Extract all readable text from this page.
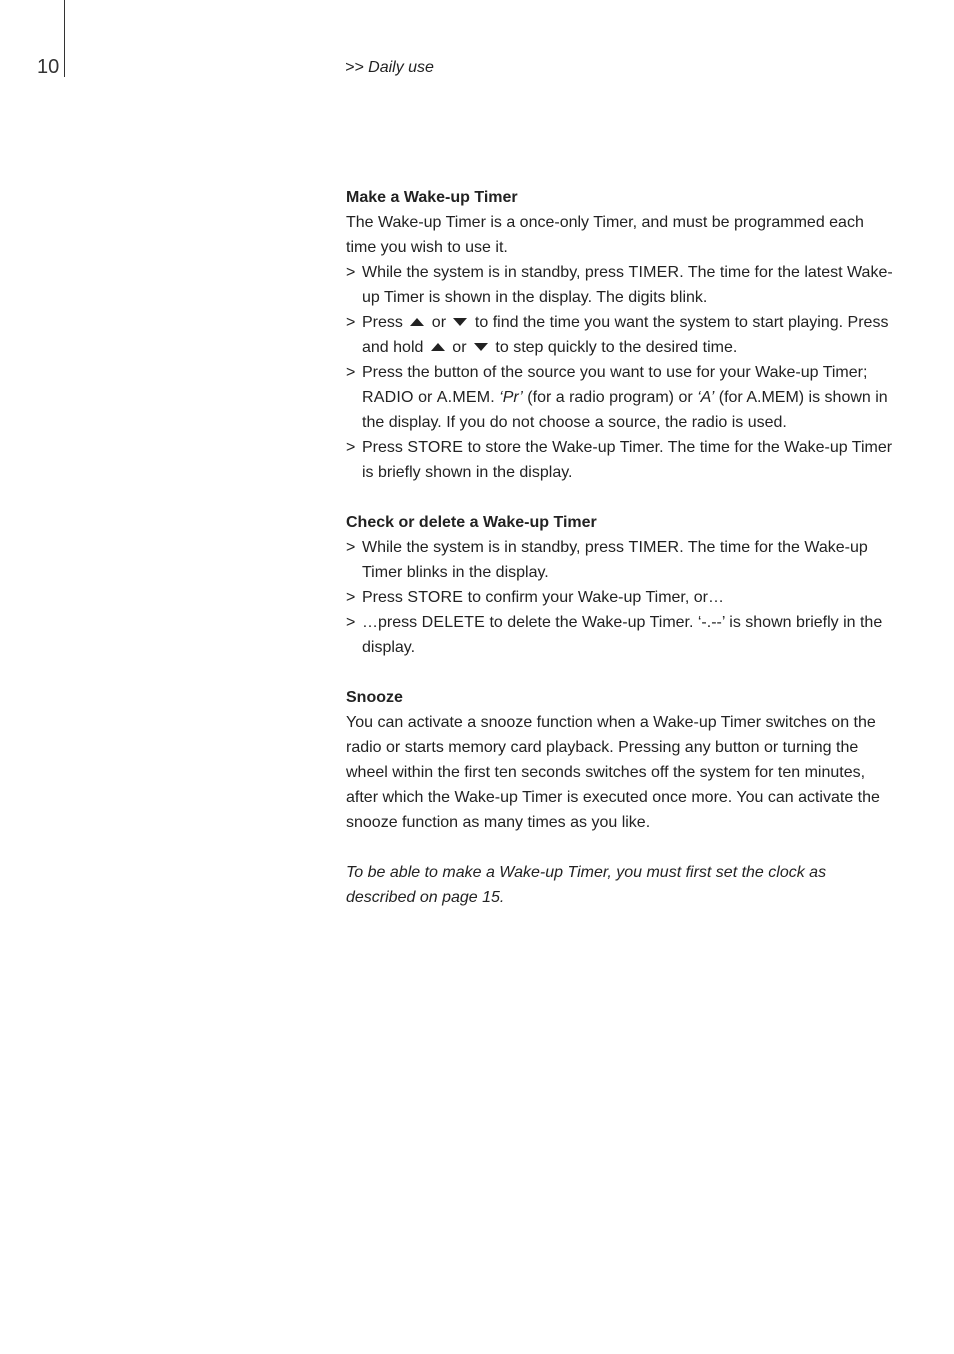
10	>> Daily use

Make a Wake-up Timer

The Wake-up Timer is a once-only Timer, and must be programmed each time you wish to use it.

> While the system is in standby, press TIMER. The time for the latest Wake-up Timer is shown in the display. The digits blink.

> Press  or  to find the time you want the system to start playing. Press and hold  or  to step quickly to the desired time.

> Press the button of the source you want to use for your Wake-up Timer; RADIO or A.MEM. ‘Pr’ (for a radio program) or ‘A’ (for A.MEM) is shown in the display. If you do not choose a source, the radio is used.

> Press STORE to store the Wake-up Timer. The time for the Wake-up Timer is briefly shown in the display.

Check or delete a Wake-up Timer

> While the system is in standby, press TIMER. The time for the Wake-up Timer blinks in the display.

> Press STORE to confirm your Wake-up Timer, or…

> …press DELETE to delete the Wake-up Timer. ‘-.--’ is shown briefly in the display.

Snooze

You can activate a snooze function when a Wake-up Timer switches on the radio or starts memory card playback. Pressing any button or turning the wheel within the first ten seconds switches off the system for ten minutes, after which the Wake-up Timer is executed once more. You can activate the snooze function as many times as you like.

To be able to make a Wake-up Timer, you must first set the clock as described on page 15.
